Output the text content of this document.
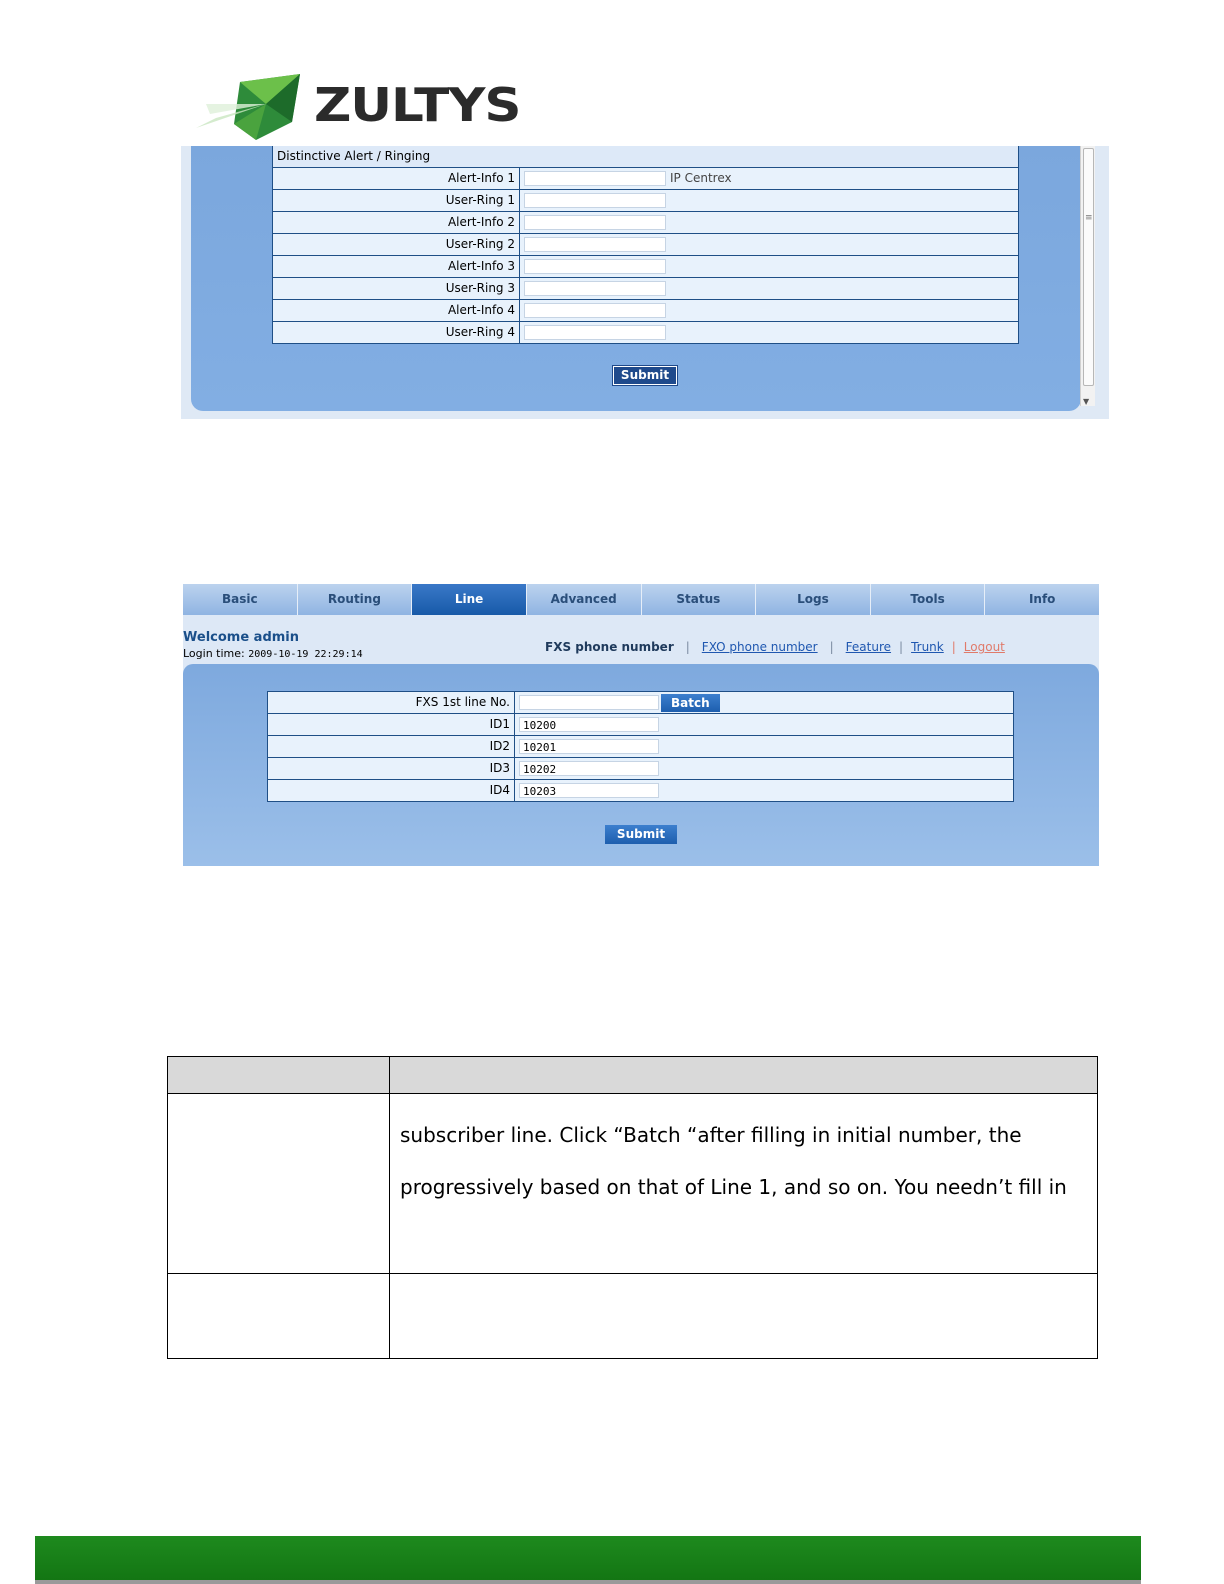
ZULTYS
Distinctive Alert / Ringing	
Alert-Info 1	IP Centrex
User-Ring 1	
Alert-Info 2	
User-Ring 2	
Alert-Info 3	
User-Ring 3	
Alert-Info 4	
User-Ring 4	
Submit
≡
▼
Basic	Routing	Line	Advanced	Status	Logs	Tools	Info
Welcome admin
Login time: 2009-10-19 22:29:14
FXS phone number | FXO phone number | Feature | Trunk | Logout
FXS 1st line No.	Batch
ID1	10200
ID2	10201
ID3	10202
ID4	10203
Submit
subscriber line. Click “Batch “after filling in initial number, the
progressively based on that of Line 1, and so on. You needn’t fill in
